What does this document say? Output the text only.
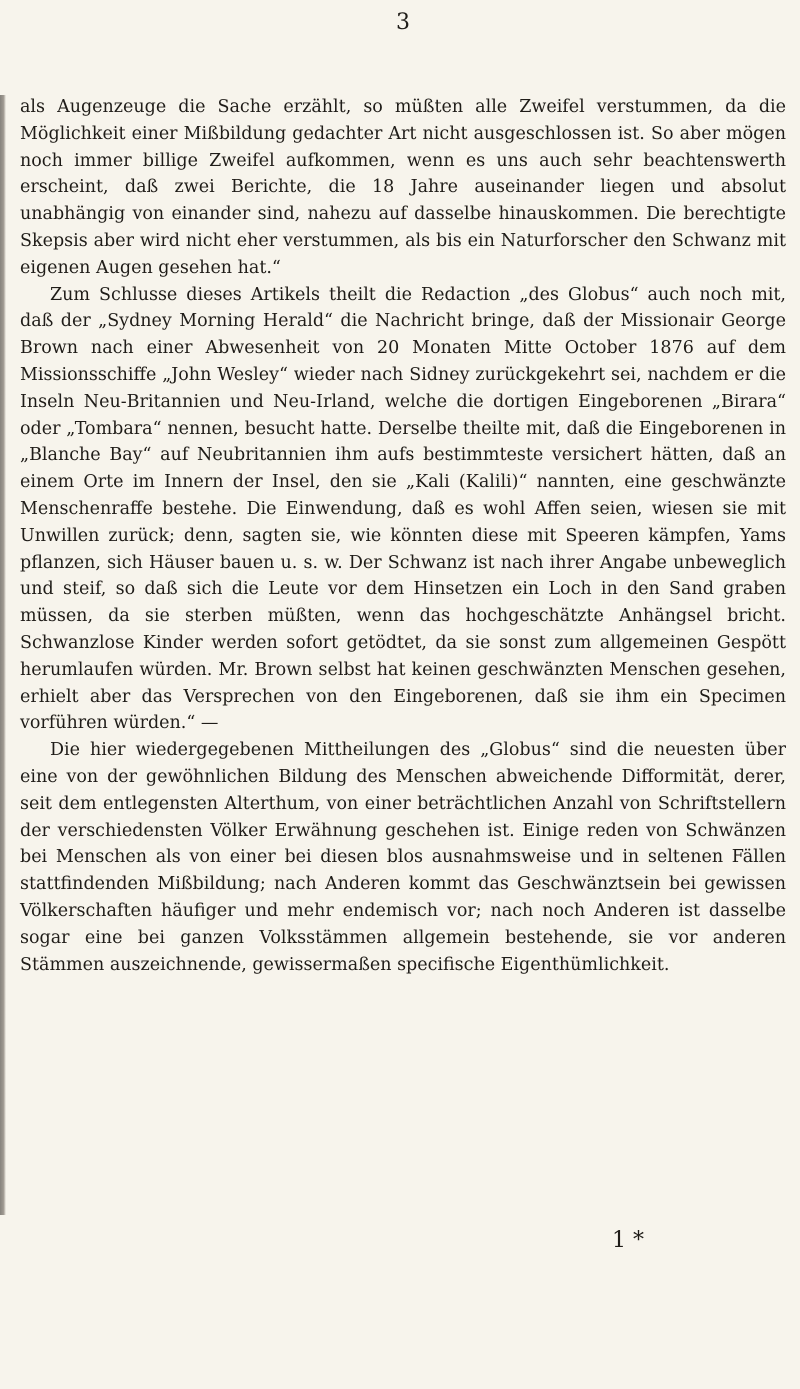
3

als Augenzeuge die Sache erzählt, so müßten alle Zweifel verstummen, da die Möglichkeit einer Mißbildung gedachter Art nicht ausgeschlossen ist. So aber mögen noch immer billige Zweifel aufkommen, wenn es uns auch sehr beachtenswerth erscheint, daß zwei Berichte, die 18 Jahre auseinander liegen und absolut unabhängig von einander sind, nahezu auf dasselbe hinauskommen. Die berechtigte Skepsis aber wird nicht eher verstummen, als bis ein Naturforscher den Schwanz mit eigenen Augen gesehen hat.“

Zum Schlusse dieses Artikels theilt die Redaction „des Globus“ auch noch mit, daß der „Sydney Morning Herald“ die Nachricht bringe, daß der Missionair George Brown nach einer Abwesenheit von 20 Monaten Mitte October 1876 auf dem Missionsschiffe „John Wesley“ wieder nach Sidney zurückgekehrt sei, nachdem er die Inseln Neu-Britannien und Neu-Irland, welche die dortigen Eingeborenen „Birara“ oder „Tombara“ nennen, besucht hatte. Derselbe theilte mit, daß die Eingeborenen in „Blanche Bay“ auf Neubritannien ihm aufs bestimmteste versichert hätten, daß an einem Orte im Innern der Insel, den sie „Kali (Kalili)“ nannten, eine geschwänzte Menschenraffe bestehe. Die Einwendung, daß es wohl Affen seien, wiesen sie mit Unwillen zurück; denn, sagten sie, wie könnten diese mit Speeren kämpfen, Yams pflanzen, sich Häuser bauen u. s. w. Der Schwanz ist nach ihrer Angabe unbeweglich und steif, so daß sich die Leute vor dem Hinsetzen ein Loch in den Sand graben müssen, da sie sterben müßten, wenn das hochgeschätzte Anhängsel bricht. Schwanzlose Kinder werden sofort getödtet, da sie sonst zum allgemeinen Gespött herumlaufen würden. Mr. Brown selbst hat keinen geschwänzten Menschen gesehen, erhielt aber das Versprechen von den Eingeborenen, daß sie ihm ein Specimen vorführen würden.“ —

Die hier wiedergegebenen Mittheilungen des „Globus“ sind die neuesten über eine von der gewöhnlichen Bildung des Menschen abweichende Difformität, derer, seit dem entlegensten Alterthum, von einer beträchtlichen Anzahl von Schriftstellern der verschiedensten Völker Erwähnung geschehen ist. Einige reden von Schwänzen bei Menschen als von einer bei diesen blos ausnahmsweise und in seltenen Fällen stattfindenden Mißbildung; nach Anderen kommt das Geschwänztsein bei gewissen Völkerschaften häufiger und mehr endemisch vor; nach noch Anderen ist dasselbe sogar eine bei ganzen Volksstämmen allgemein bestehende, sie vor anderen Stämmen auszeichnende, gewissermaßen specifische Eigenthümlichkeit.

1 *
